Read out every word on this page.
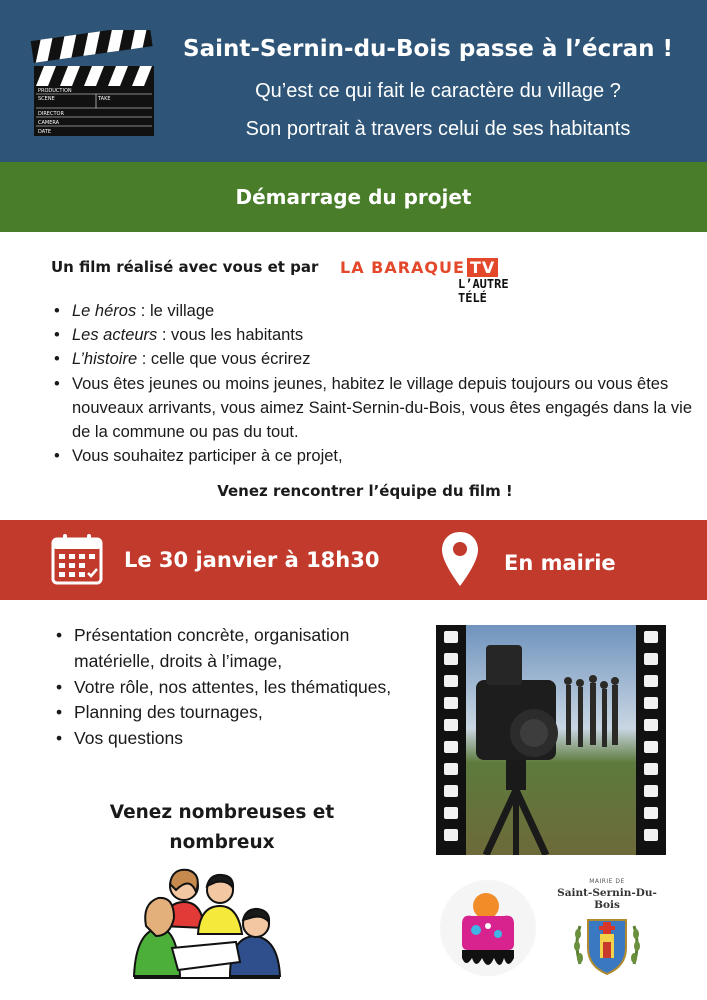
PRODUCTION
SCENE	TAKE
DIRECTOR
CAMERA
DATE
Saint-Sernin-du-Bois passe à l’écran !
Qu’est ce qui fait le caractère du village ?
Son portrait à travers celui de ses habitants
Démarrage du projet
Un film réalisé avec vous et par LA BARAQUE TV
L’AUTRE TÉLÉ
• Le héros : le village
• Les acteurs : vous les habitants
• L’histoire : celle que vous écrirez
• Vous êtes jeunes ou moins jeunes, habitez le village depuis toujours ou vous êtes nouveaux arrivants, vous aimez Saint-Sernin-du-Bois, vous êtes engagés dans la vie de la commune ou pas du tout.
• Vous souhaitez participer à ce projet,
Venez rencontrer l’équipe du film !
Le 30 janvier à 18h30	En mairie
• Présentation concrète, organisation matérielle, droits à l’image,
• Votre rôle, nos attentes, les thématiques,
• Planning des tournages,
• Vos questions
Venez nombreuses et nombreux
MAIRIE DE
Saint-Sernin-Du-Bois
